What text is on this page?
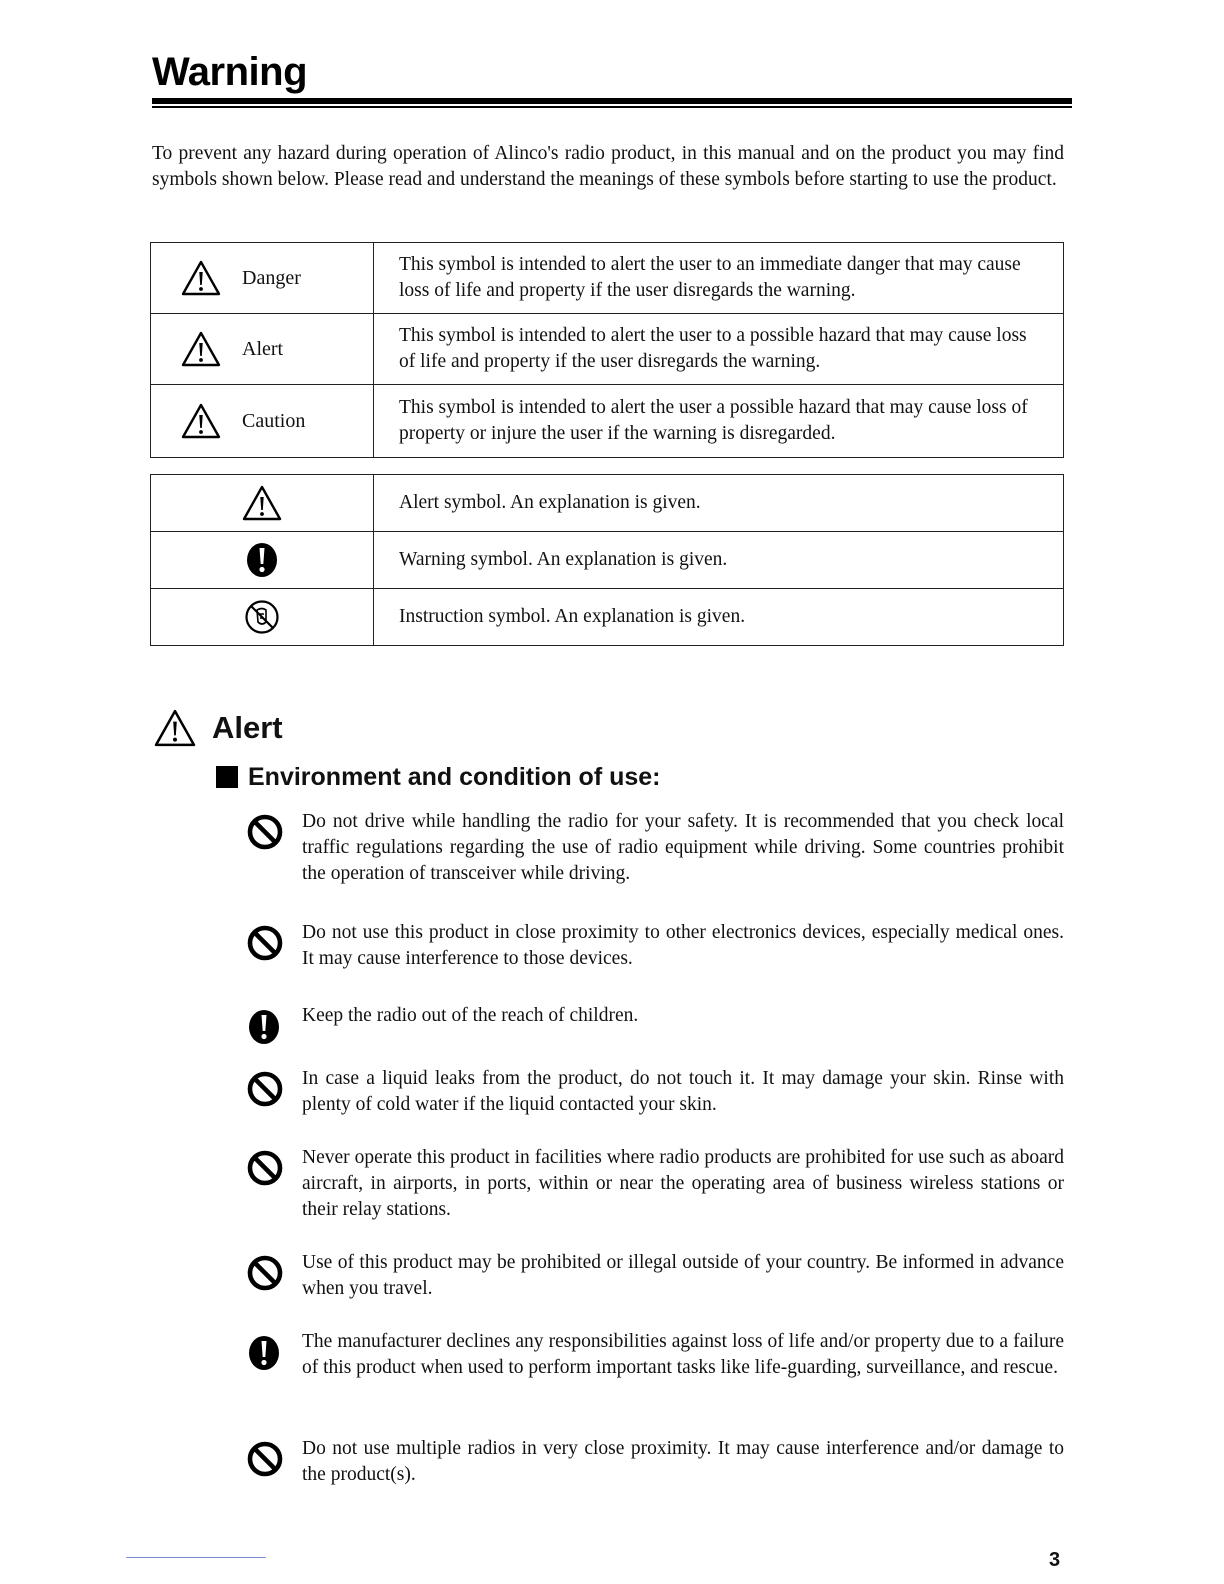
Warning

To prevent any hazard during operation of Alinco's radio product, in this manual and on the product you may find symbols shown below. Please read and understand the meanings of these symbols before starting to use the product.

Danger	This symbol is intended to alert the user to an immediate danger that may cause loss of life and property if the user disregards the warning.

Alert	This symbol is intended to alert the user to a possible hazard that may cause loss of life and property if the user disregards the warning.

Caution	This symbol is intended to alert the user a possible hazard that may cause loss of property or injure the user if the warning is disregarded.
	Alert symbol. An explanation is given.
	Warning symbol. An explanation is given.
	Instruction symbol. An explanation is given.
Alert
Environment and condition of use:

Do not drive while handling the radio for your safety. It is recommended that you check local traffic regulations regarding the use of radio equipment while driving. Some countries prohibit the operation of transceiver while driving.

Do not use this product in close proximity to other electronics devices, especially medical ones. It may cause interference to those devices.

Keep the radio out of the reach of children.

In case a liquid leaks from the product, do not touch it. It may damage your skin. Rinse with plenty of cold water if the liquid contacted your skin.

Never operate this product in facilities where radio products are prohibited for use such as aboard aircraft, in airports, in ports, within or near the operating area of business wireless stations or their relay stations.

Use of this product may be prohibited or illegal outside of your country. Be informed in advance when you travel.

The manufacturer declines any responsibilities against loss of life and/or property due to a failure of this product when used to perform important tasks like life-guarding, surveillance, and rescue.

Do not use multiple radios in very close proximity. It may cause interference and/or damage to the product(s).

3
